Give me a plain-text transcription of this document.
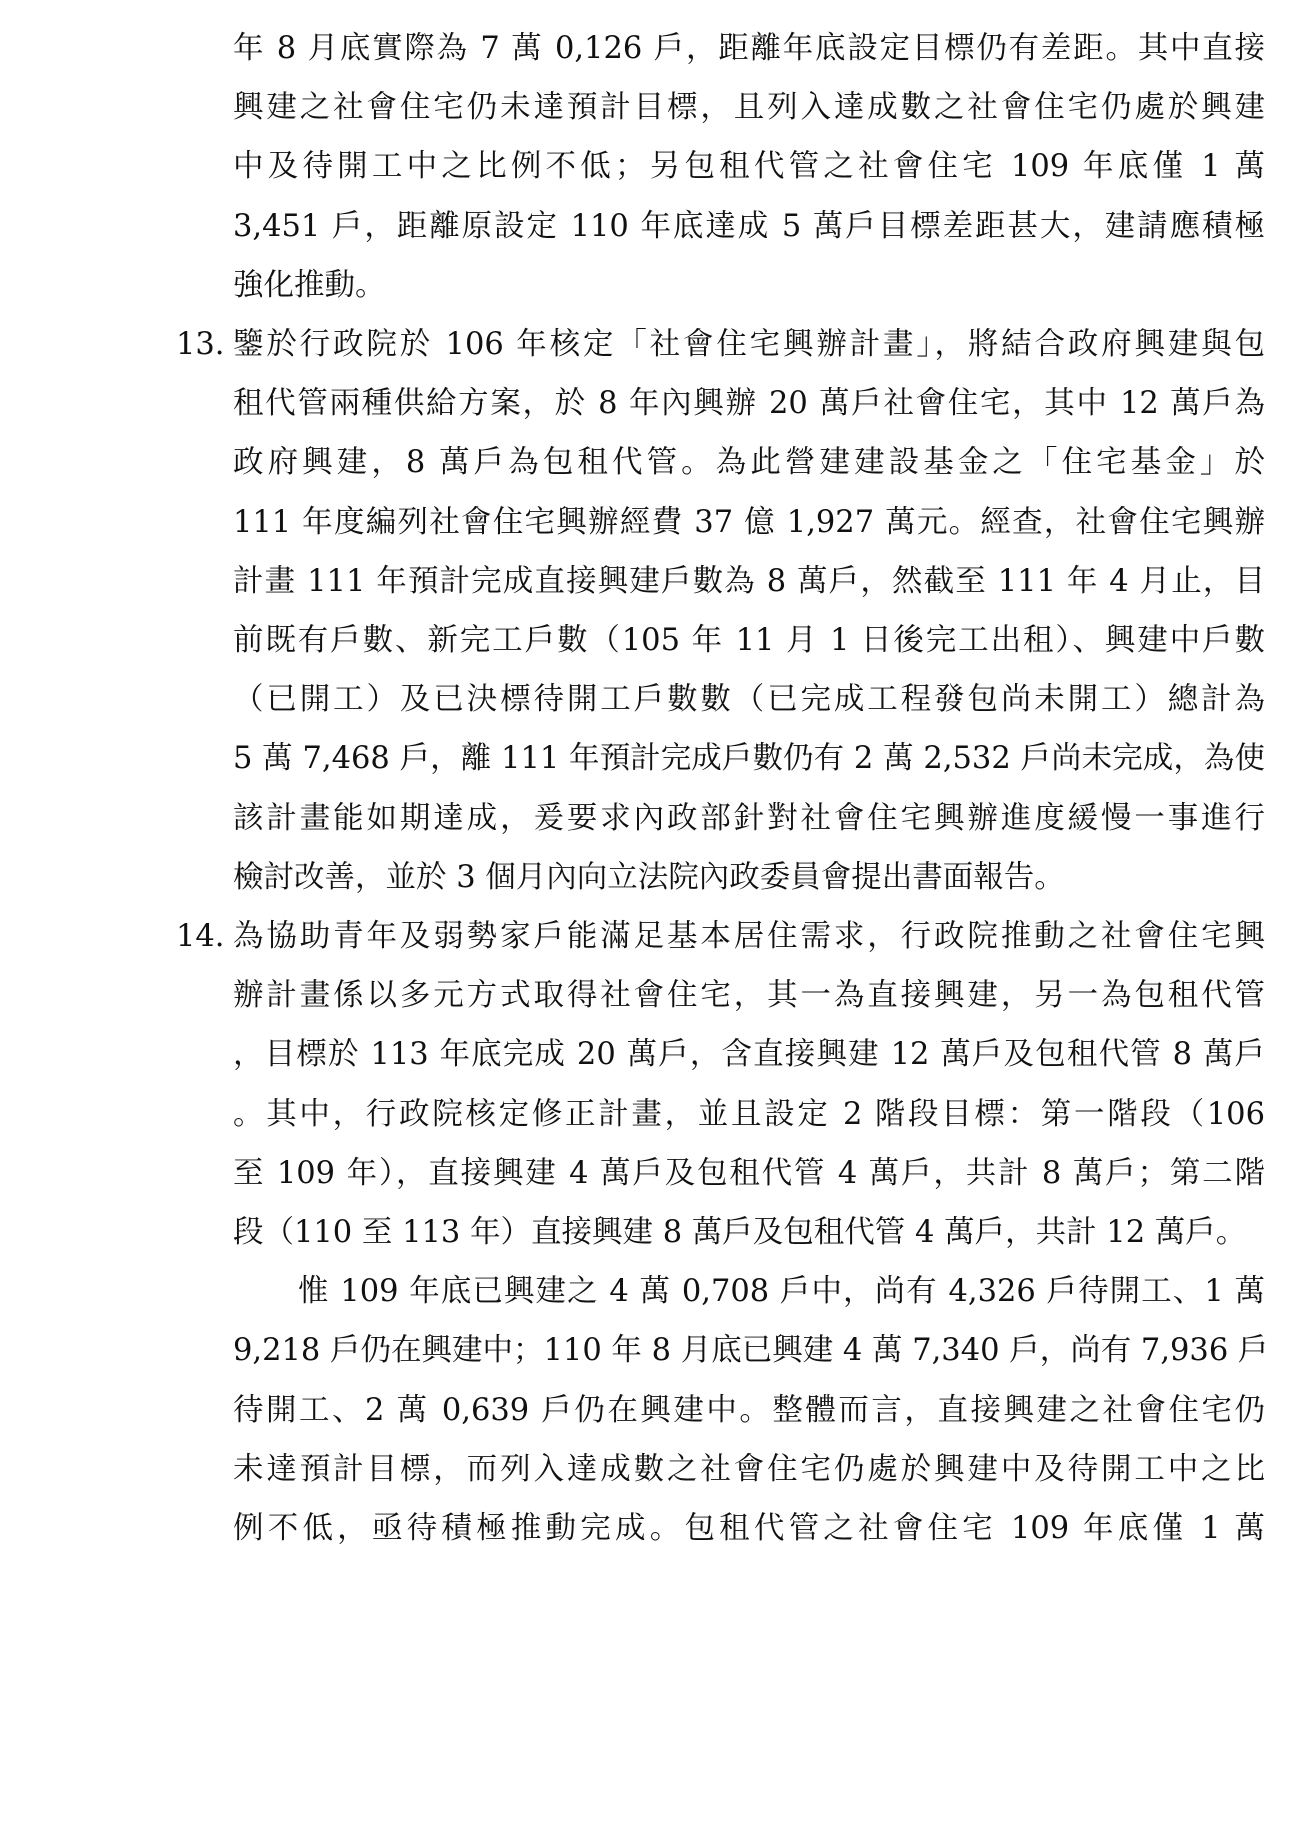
年 8 月底實際為 7 萬 0,126 戶，距離年底設定目標仍有差距。其中直接
興建之社會住宅仍未達預計目標，且列入達成數之社會住宅仍處於興建
中及待開工中之比例不低；另包租代管之社會住宅 109 年底僅 1 萬
3,451 戶，距離原設定 110 年底達成 5 萬戶目標差距甚大，建請應積極
強化推動。
13. 鑒於行政院於 106 年核定「社會住宅興辦計畫」，將結合政府興建與包
租代管兩種供給方案，於 8 年內興辦 20 萬戶社會住宅，其中 12 萬戶為
政府興建，8 萬戶為包租代管。為此營建建設基金之「住宅基金」於
111 年度編列社會住宅興辦經費 37 億 1,927 萬元。經查，社會住宅興辦
計畫 111 年預計完成直接興建戶數為 8 萬戶，然截至 111 年 4 月止，目
前既有戶數、新完工戶數（105 年 11 月 1 日後完工出租）、興建中戶數
（已開工）及已決標待開工戶數數（已完成工程發包尚未開工）總計為
5 萬 7,468 戶，離 111 年預計完成戶數仍有 2 萬 2,532 戶尚未完成，為使
該計畫能如期達成，爰要求內政部針對社會住宅興辦進度緩慢一事進行
檢討改善，並於 3 個月內向立法院內政委員會提出書面報告。
14. 為協助青年及弱勢家戶能滿足基本居住需求，行政院推動之社會住宅興
辦計畫係以多元方式取得社會住宅，其一為直接興建，另一為包租代管
，目標於 113 年底完成 20 萬戶，含直接興建 12 萬戶及包租代管 8 萬戶
。其中，行政院核定修正計畫，並且設定 2 階段目標：第一階段（106
至 109 年），直接興建 4 萬戶及包租代管 4 萬戶，共計 8 萬戶；第二階
段（110 至 113 年）直接興建 8 萬戶及包租代管 4 萬戶，共計 12 萬戶。
惟 109 年底已興建之 4 萬 0,708 戶中，尚有 4,326 戶待開工、1 萬
9,218 戶仍在興建中；110 年 8 月底已興建 4 萬 7,340 戶，尚有 7,936 戶
待開工、2 萬 0,639 戶仍在興建中。整體而言，直接興建之社會住宅仍
未達預計目標，而列入達成數之社會住宅仍處於興建中及待開工中之比
例不低，亟待積極推動完成。包租代管之社會住宅 109 年底僅 1 萬
